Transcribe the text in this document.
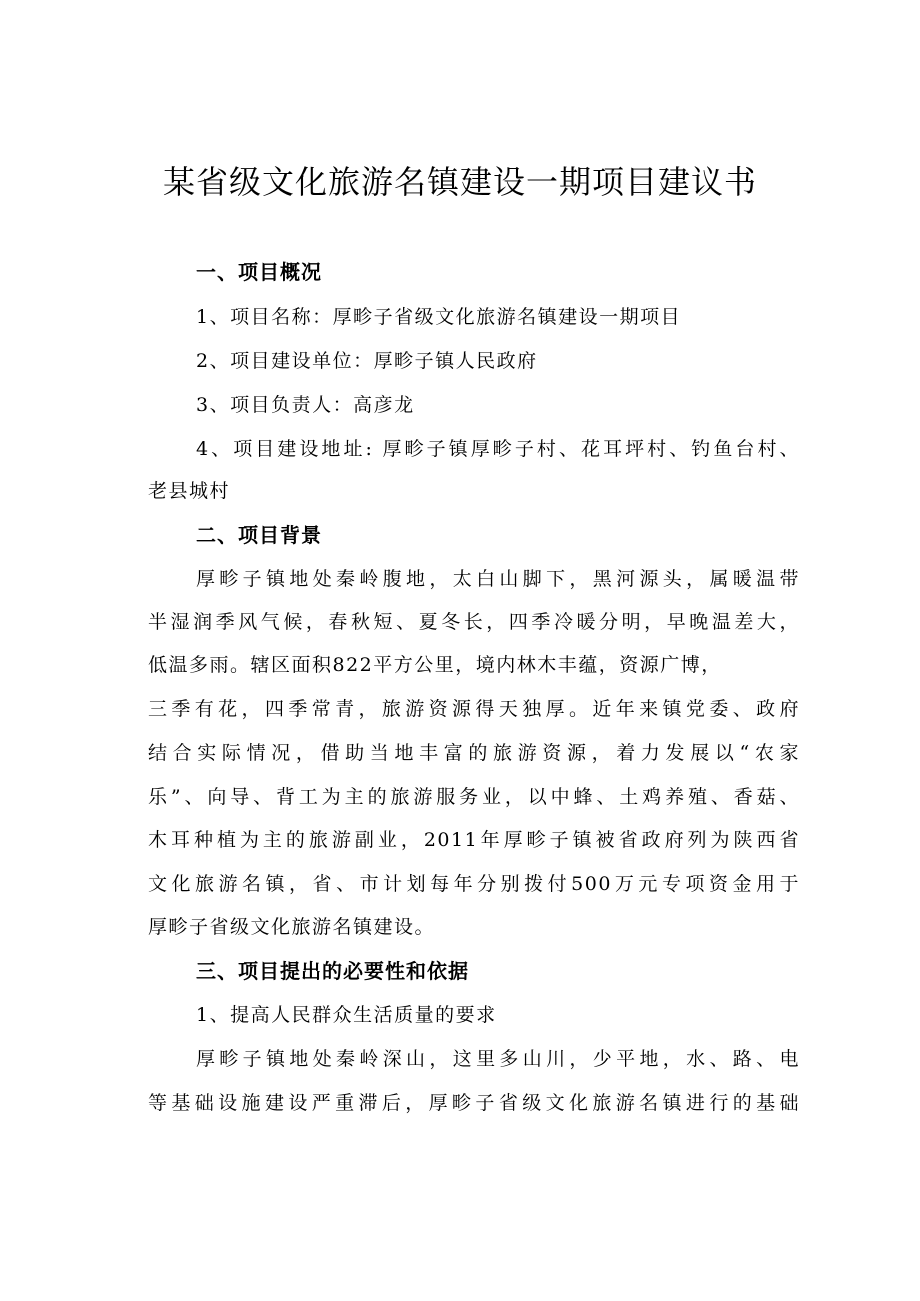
某省级文化旅游名镇建设一期项目建议书
一、项目概况
1、项目名称：厚畛子省级文化旅游名镇建设一期项目
2、项目建设单位：厚畛子镇人民政府
3、项目负责人：高彦龙
4、项目建设地址: 厚畛子镇厚畛子村、花耳坪村、钓鱼台村、
老县城村
二、项目背景
厚畛子镇地处秦岭腹地，太白山脚下，黑河源头，属暖温带
半湿润季风气候，春秋短、夏冬长，四季冷暖分明，早晚温差大，
低温多雨。辖区面积822平方公里，境内林木丰蕴，资源广博，
三季有花，四季常青，旅游资源得天独厚。近年来镇党委、政府
结合实际情况，借助当地丰富的旅游资源，着力发展以“农家
乐”、向导、背工为主的旅游服务业，以中蜂、土鸡养殖、香菇、
木耳种植为主的旅游副业，2011年厚畛子镇被省政府列为陕西省
文化旅游名镇，省、市计划每年分别拨付500万元专项资金用于
厚畛子省级文化旅游名镇建设。
三、项目提出的必要性和依据
1、提高人民群众生活质量的要求
厚畛子镇地处秦岭深山，这里多山川，少平地，水、路、电
等基础设施建设严重滞后，厚畛子省级文化旅游名镇进行的基础
